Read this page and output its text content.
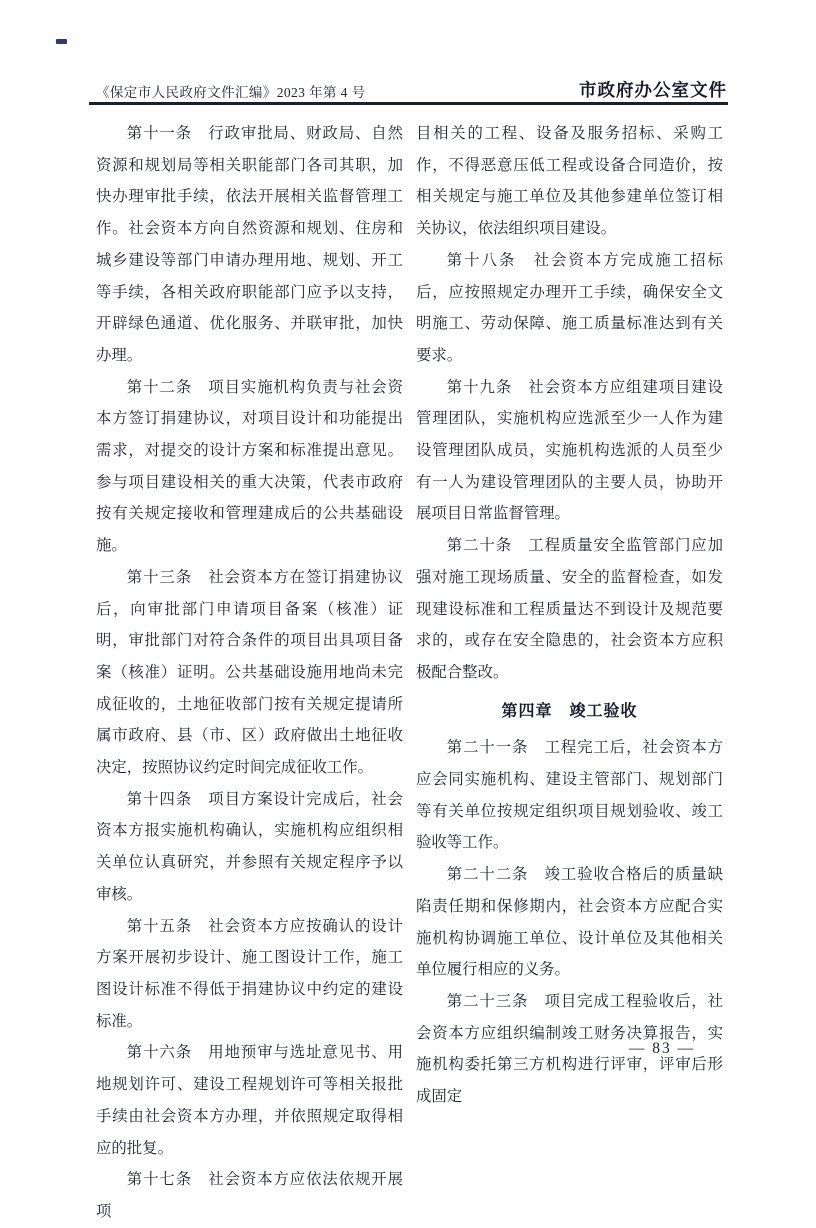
《保定市人民政府文件汇编》2023 年第 4 号	市政府办公室文件

第十一条　行政审批局、财政局、自然资源和规划局等相关职能部门各司其职，加快办理审批手续，依法开展相关监督管理工作。社会资本方向自然资源和规划、住房和城乡建设等部门申请办理用地、规划、开工等手续，各相关政府职能部门应予以支持，开辟绿色通道、优化服务、并联审批，加快办理。

第十二条　项目实施机构负责与社会资本方签订捐建协议，对项目设计和功能提出需求，对提交的设计方案和标准提出意见。参与项目建设相关的重大决策，代表市政府按有关规定接收和管理建成后的公共基础设施。

第十三条　社会资本方在签订捐建协议后，向审批部门申请项目备案（核准）证明，审批部门对符合条件的项目出具项目备案（核准）证明。公共基础设施用地尚未完成征收的，土地征收部门按有关规定提请所属市政府、县（市、区）政府做出土地征收决定，按照协议约定时间完成征收工作。

第十四条　项目方案设计完成后，社会资本方报实施机构确认，实施机构应组织相关单位认真研究，并参照有关规定程序予以审核。

第十五条　社会资本方应按确认的设计方案开展初步设计、施工图设计工作，施工图设计标准不得低于捐建协议中约定的建设标准。

第十六条　用地预审与选址意见书、用地规划许可、建设工程规划许可等相关报批手续由社会资本方办理，并依照规定取得相应的批复。

第十七条　社会资本方应依法依规开展项

目相关的工程、设备及服务招标、采购工作，不得恶意压低工程或设备合同造价，按相关规定与施工单位及其他参建单位签订相关协议，依法组织项目建设。

第十八条　社会资本方完成施工招标后，应按照规定办理开工手续，确保安全文明施工、劳动保障、施工质量标准达到有关要求。

第十九条　社会资本方应组建项目建设管理团队，实施机构应选派至少一人作为建设管理团队成员，实施机构选派的人员至少有一人为建设管理团队的主要人员，协助开展项目日常监督管理。

第二十条　工程质量安全监管部门应加强对施工现场质量、安全的监督检查，如发现建设标准和工程质量达不到设计及规范要求的，或存在安全隐患的，社会资本方应积极配合整改。

第四章　竣工验收

第二十一条　工程完工后，社会资本方应会同实施机构、建设主管部门、规划部门等有关单位按规定组织项目规划验收、竣工验收等工作。

第二十二条　竣工验收合格后的质量缺陷责任期和保修期内，社会资本方应配合实施机构协调施工单位、设计单位及其他相关单位履行相应的义务。

第二十三条　项目完成工程验收后，社会资本方应组织编制竣工财务决算报告，实施机构委托第三方机构进行评审，评审后形成固定

— 83 —
